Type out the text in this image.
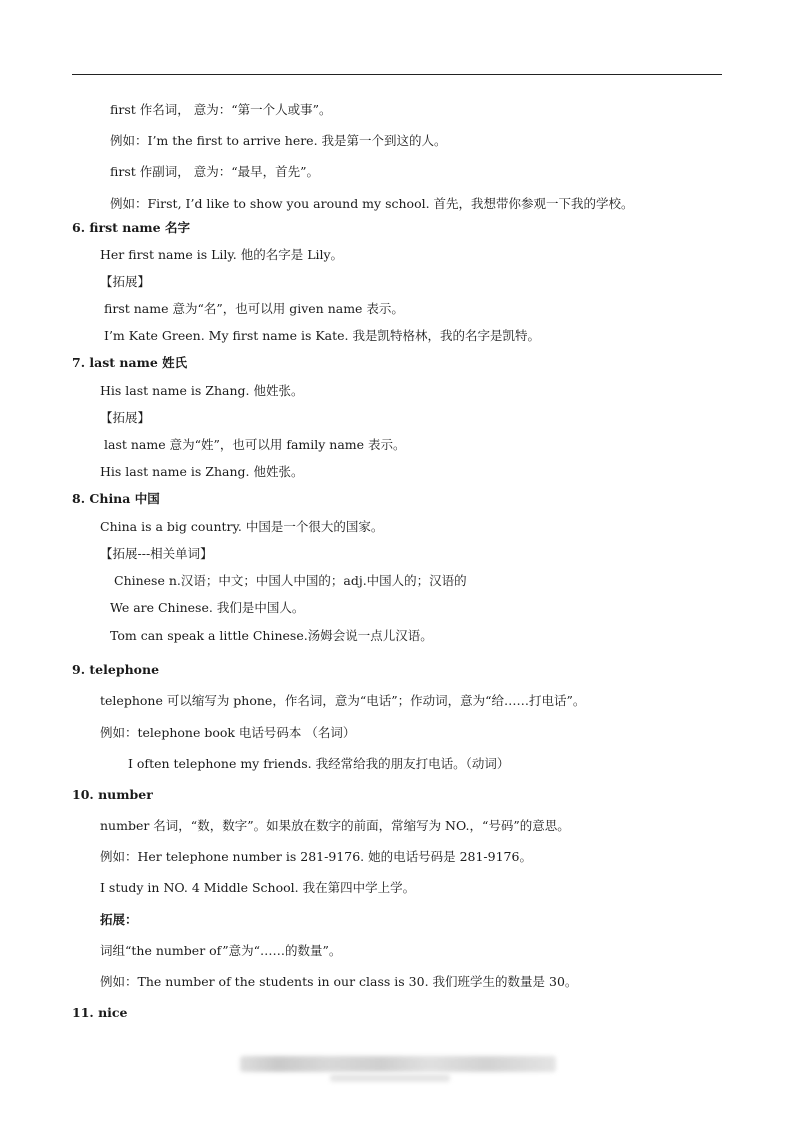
first 作名词， 意为：“第一个人或事”。
例如：I’m the first to arrive here. 我是第一个到这的人。
first 作副词， 意为：“最早，首先”。
例如：First, I’d like to show you around my school. 首先，我想带你参观一下我的学校。
6. first name 名字
Her first name is Lily. 他的名字是 Lily。
【拓展】
first name 意为“名”，也可以用 given name 表示。
I’m Kate Green. My first name is Kate. 我是凯特格林，我的名字是凯特。
7. last name 姓氏
His last name is Zhang. 他姓张。
【拓展】
last name 意为“姓”，也可以用 family name 表示。
His last name is Zhang. 他姓张。
8. China 中国
China is a big country. 中国是一个很大的国家。
【拓展---相关单词】
Chinese n.汉语；中文；中国人中国的；adj.中国人的；汉语的
We are Chinese. 我们是中国人。
Tom can speak a little Chinese.汤姆会说一点儿汉语。
9. telephone
telephone 可以缩写为 phone，作名词，意为“电话”；作动词，意为“给……打电话”。
例如：telephone book 电话号码本 （名词）
I often telephone my friends. 我经常给我的朋友打电话。（动词）
10. number
number 名词，“数，数字”。如果放在数字的前面，常缩写为 NO.，“号码”的意思。
例如：Her telephone number is 281-9176. 她的电话号码是 281-9176。
I study in NO. 4 Middle School. 我在第四中学上学。
拓展：
词组“the number of”意为“……的数量”。
例如：The number of the students in our class is 30. 我们班学生的数量是 30。
11. nice
